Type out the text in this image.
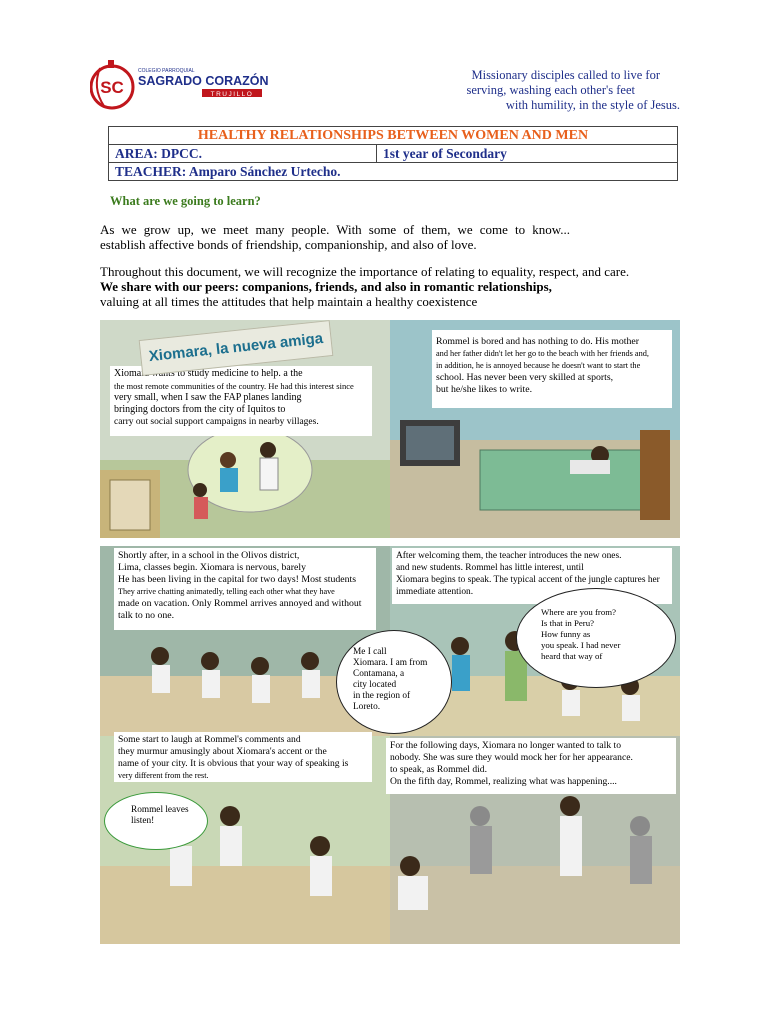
SC
COLEGIO PARROQUIAL
SAGRADO CORAZÓN
TRUJILLO
Missionary disciples called to live for
serving, washing each other's feet
with humility, in the style of Jesus.
HEALTHY RELATIONSHIPS BETWEEN WOMEN AND MEN
AREA: DPCC.	1st year of Secondary
TEACHER: Amparo Sánchez Urtecho.
What are we going to learn?
As we grow up, we meet many people. With some of them, we come to know...
establish affective bonds of friendship, companionship, and also of love.
Throughout this document, we will recognize the importance of relating to equality, respect, and care.
We share with our peers: companions, friends, and also in romantic relationships,
valuing at all times the attitudes that help maintain a healthy coexistence
Xiomara wants to study medicine to help. a the
the most remote communities of the country. He had this interest since
very small, when I saw the FAP planes landing
bringing doctors from the city of Iquitos to
carry out social support campaigns in nearby villages.
Rommel is bored and has nothing to do. His mother
and her father didn't let her go to the beach with her friends and,
in addition, he is annoyed because he doesn't want to start the
school. Has never been very skilled at sports,
but he/she likes to write.
Xiomara, la nueva amiga
Shortly after, in a school in the Olivos district,
Lima, classes begin. Xiomara is nervous, barely
He has been living in the capital for two days! Most students
They arrive chatting animatedly, telling each other what they have
made on vacation. Only Rommel arrives annoyed and without
talk to no one.
After welcoming them, the teacher introduces the new ones.
and new students. Rommel has little interest, until
Xiomara begins to speak. The typical accent of the jungle captures her
immediate attention.
Me I call
Xiomara. I am from
Contamana, a
city located
in the region of
Loreto.
Where are you from?
Is that in Peru?
How funny as
you speak. I had never
heard that way of
Some start to laugh at Rommel's comments and
they murmur amusingly about Xiomara's accent or the
name of your city. It is obvious that your way of speaking is
very different from the rest.
For the following days, Xiomara no longer wanted to talk to
nobody. She was sure they would mock her for her appearance.
to speak, as Rommel did.
On the fifth day, Rommel, realizing what was happening....
Rommel leaves
listen!
